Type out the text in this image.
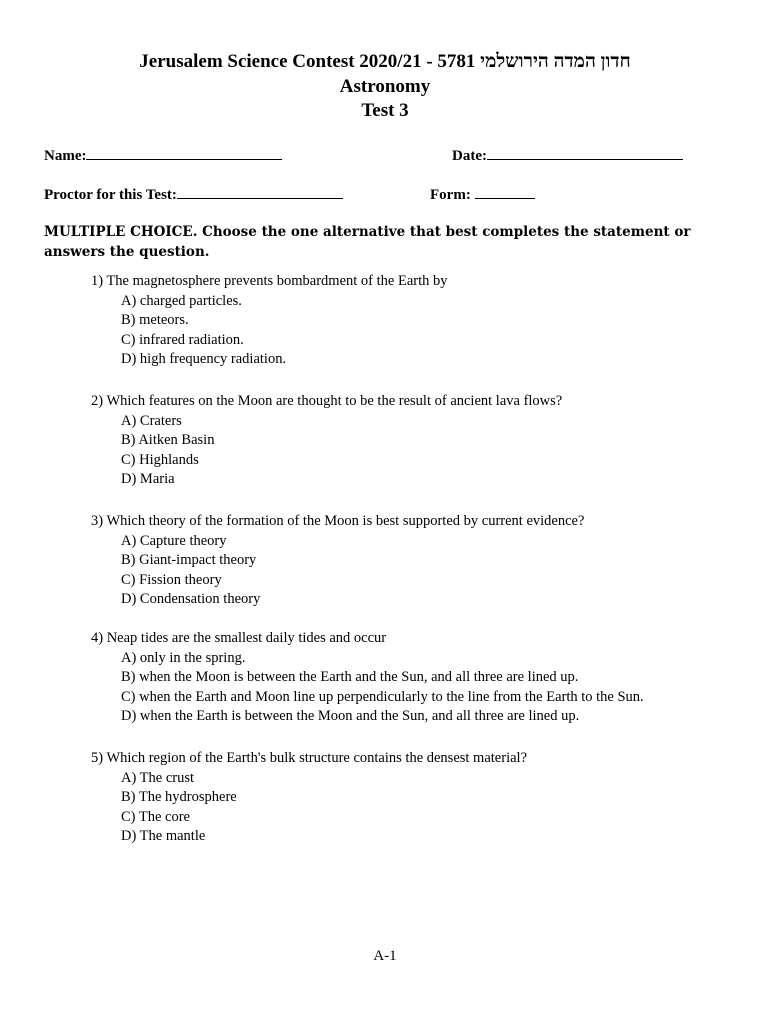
Jerusalem Science Contest 2020/21 - 5781 חדון המדה הירושלמי
Astronomy
Test 3
Name:	Date:
Proctor for this Test:	Form:
MULTIPLE CHOICE. Choose the one alternative that best completes the statement or answers the question.
1) The magnetosphere prevents bombardment of the Earth by
A) charged particles.
B) meteors.
C) infrared radiation.
D) high frequency radiation.
2) Which features on the Moon are thought to be the result of ancient lava flows?
A) Craters
B) Aitken Basin
C) Highlands
D) Maria
3) Which theory of the formation of the Moon is best supported by current evidence?
A) Capture theory
B) Giant-impact theory
C) Fission theory
D) Condensation theory
4) Neap tides are the smallest daily tides and occur
A) only in the spring.
B) when the Moon is between the Earth and the Sun, and all three are lined up.
C) when the Earth and Moon line up perpendicularly to the line from the Earth to the Sun.
D) when the Earth is between the Moon and the Sun, and all three are lined up.
5) Which region of the Earth's bulk structure contains the densest material?
A) The crust
B) The hydrosphere
C) The core
D) The mantle
A-1
